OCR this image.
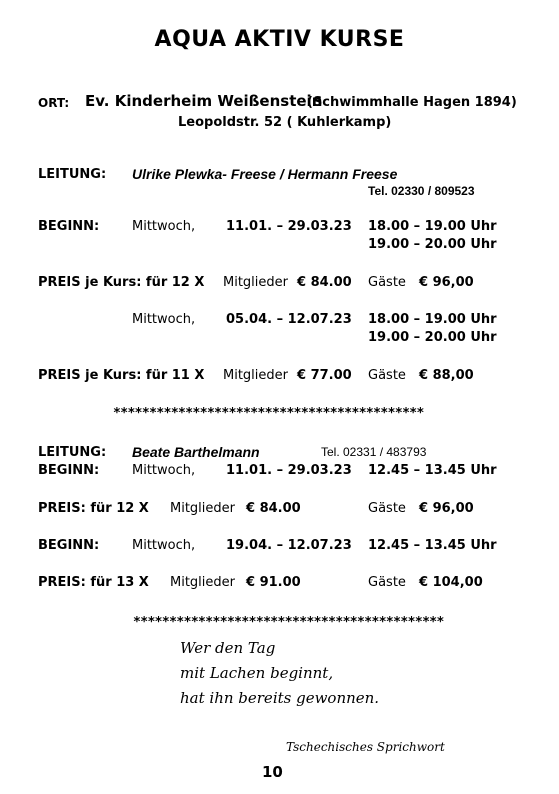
AQUA AKTIV KURSE
ORT: Ev. Kinderheim Weißenstein
(Schwimmhalle Hagen 1894)
Leopoldstr. 52 ( Kuhlerkamp)
LEITUNG: Ulrike Plewka- Freese / Hermann Freese
Tel. 02330 / 809523
BEGINN:	Mittwoch, 11.01. – 29.03.23 18.00 – 19.00 Uhr
19.00 – 20.00 Uhr
PREIS je Kurs: für 12 X Mitglieder € 84.00 Gäste € 96,00
Mittwoch, 05.04. – 12.07.23 18.00 – 19.00 Uhr
19.00 – 20.00 Uhr
PREIS je Kurs: für 11 X Mitglieder € 77.00 Gäste € 88,00
*******************************************
LEITUNG: Beate Barthelmann	Tel. 02331 / 483793
BEGINN:	Mittwoch, 11.01. – 29.03.23 12.45 – 13.45 Uhr
PREIS: für 12 X Mitglieder € 84.00	Gäste € 96,00
BEGINN:	Mittwoch, 19.04. – 12.07.23 12.45 – 13.45 Uhr
PREIS: für 13 X Mitglieder € 91.00	Gäste € 104,00
*******************************************
Wer den Tag
mit Lachen beginnt,
hat ihn bereits gewonnen.
Tschechisches Sprichwort
10
